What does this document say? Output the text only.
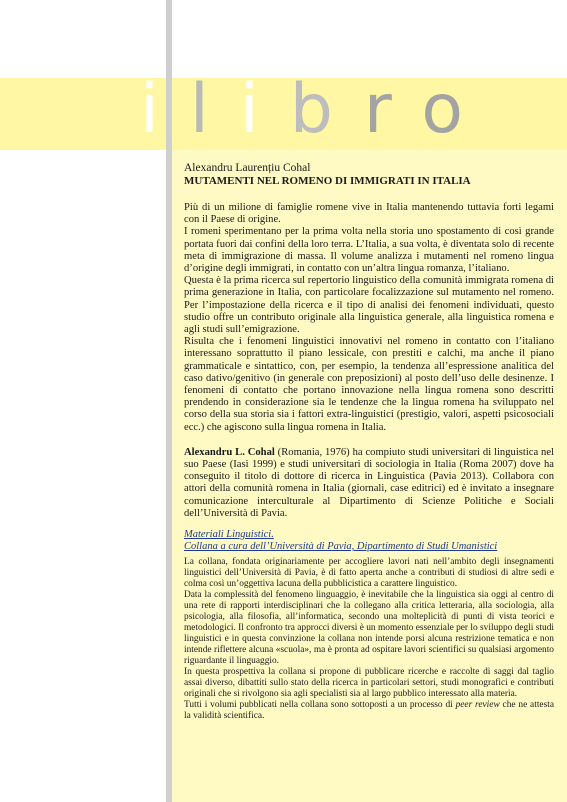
ilibro
Alexandru Laurențiu Cohal
MUTAMENTI NEL ROMENO DI IMMIGRATI IN ITALIA

Più di un milione di famiglie romene vive in Italia mantenendo tuttavia forti legami con il Paese di origine.

I romeni sperimentano per la prima volta nella storia uno spostamento di così grande portata fuori dai confini della loro terra. L’Italia, a sua volta, è diventata solo di recente meta di immigrazione di massa. Il volume analizza i mutamenti nel romeno lingua d’origine degli immigrati, in contatto con un’altra lingua romanza, l’italiano.

Questa è la prima ricerca sul repertorio linguistico della comunità immigrata romena di prima generazione in Italia, con particolare focalizzazione sul mutamento nel romeno. Per l’impostazione della ricerca e il tipo di analisi dei fenomeni individuati, questo studio offre un contributo originale alla linguistica generale, alla linguistica romena e agli studi sull’emigrazione.

Risulta che i fenomeni linguistici innovativi nel romeno in contatto con l’italiano interessano soprattutto il piano lessicale, con prestiti e calchi, ma anche il piano grammaticale e sintattico, con, per esempio, la tendenza all’espressione analitica del caso dativo/genitivo (in generale con preposizioni) al posto dell’uso delle desinenze. I fenomeni di contatto che portano innovazione nella lingua romena sono descritti prendendo in considerazione sia le tendenze che la lingua romena ha sviluppato nel corso della sua storia sia i fattori extra-linguistici (prestigio, valori, aspetti psicosociali ecc.) che agiscono sulla lingua romena in Italia.

Alexandru L. Cohal (Romania, 1976) ha compiuto studi universitari di linguistica nel suo Paese (Iasi 1999) e studi universitari di sociologia in Italia (Roma 2007) dove ha conseguito il titolo di dottore di ricerca in Linguistica (Pavia 2013). Collabora con attori della comunità romena in Italia (giornali, case editrici) ed è invitato a insegnare comunicazione interculturale al Dipartimento di Scienze Politiche e Sociali dell’Università di Pavia.

Materiali Linguistici.
Collana a cura dell’Università di Pavia, Dipartimento di Studi Umanistici

La collana, fondata originariamente per accogliere lavori nati nell’ambito degli insegnamenti linguistici dell’Università di Pavia, è di fatto aperta anche a contributi di studiosi di altre sedi e colma così un’oggettiva lacuna della pubblicistica a carattere linguistico.

Data la complessità del fenomeno linguaggio, è inevitabile che la linguistica sia oggi al centro di una rete di rapporti interdisciplinari che la collegano alla critica letteraria, alla sociologia, alla psicologia, alla filosofia, all’informatica, secondo una molteplicità di punti di vista teorici e metodologici. Il confronto tra approcci diversi è un momento essenziale per lo sviluppo degli studi linguistici e in questa convinzione la collana non intende porsi alcuna restrizione tematica e non intende riflettere alcuna «scuola», ma è pronta ad ospitare lavori scientifici su qualsiasi argomento riguardante il linguaggio.

In questa prospettiva la collana si propone di pubblicare ricerche e raccolte di saggi dal taglio assai diverso, dibattiti sullo stato della ricerca in particolari settori, studi monografici e contributi originali che si rivolgono sia agli specialisti sia al largo pubblico interessato alla materia.

Tutti i volumi pubblicati nella collana sono sottoposti a un processo di peer review che ne attesta la validità scientifica.
